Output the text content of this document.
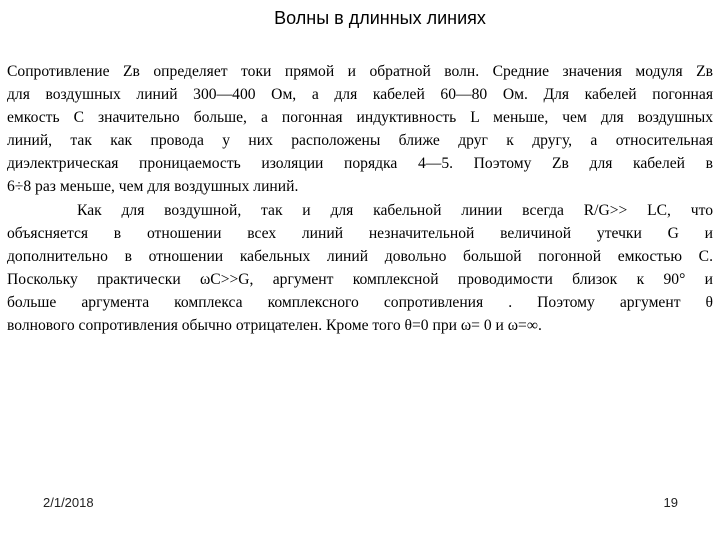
Волны в длинных линиях
Сопротивление Zв определяет токи прямой и обратной волн. Средние значения модуля Zв
для воздушных линий 300—400 Ом, а для кабелей 60—80 Ом. Для кабелей погонная
емкость С значительно больше, а погонная индуктивность L меньше, чем для воздушных
линий, так как провода у них расположены ближе друг к другу, а относительная
диэлектрическая проницаемость изоляции порядка 4—5. Поэтому Zв для кабелей в
6÷8 раз меньше, чем для воздушных линий.
Как для воздушной, так и для кабельной линии всегда R/G>> LC, что
объясняется в отношении всех линий незначительной величиной утечки G и
дополнительно в отношении кабельных линий довольно большой погонной емкостью С.
Поскольку практически ωС>>G, аргумент комплексной проводимости близок к 90° и
больше аргумента комплекса комплексного сопротивления . Поэтому аргумент θ
волнового сопротивления обычно отрицателен. Кроме того θ=0 при ω= 0 и ω=∞.
2/1/2018	19
